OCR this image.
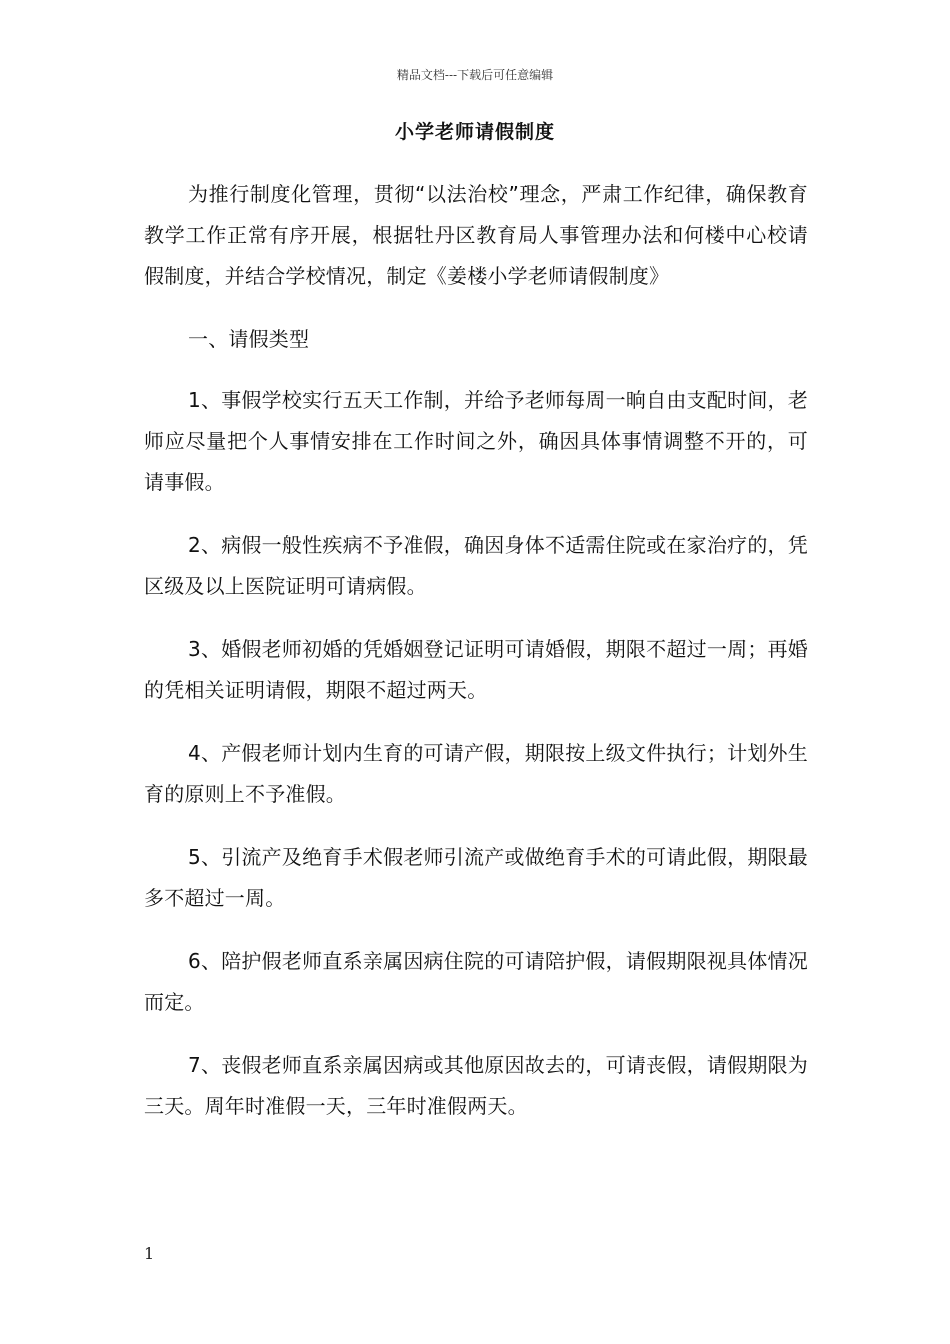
精品文档---下载后可任意编辑
小学老师请假制度

为推行制度化管理，贯彻“以法治校”理念，严肃工作纪律，确保教育教学工作正常有序开展，根据牡丹区教育局人事管理办法和何楼中心校请假制度，并结合学校情况，制定《姜楼小学老师请假制度》

一、请假类型

1、事假学校实行五天工作制，并给予老师每周一晌自由支配时间，老师应尽量把个人事情安排在工作时间之外，确因具体事情调整不开的，可请事假。

2、病假一般性疾病不予准假，确因身体不适需住院或在家治疗的，凭区级及以上医院证明可请病假。

3、婚假老师初婚的凭婚姻登记证明可请婚假，期限不超过一周；再婚的凭相关证明请假，期限不超过两天。

4、产假老师计划内生育的可请产假，期限按上级文件执行；计划外生育的原则上不予准假。

5、引流产及绝育手术假老师引流产或做绝育手术的可请此假，期限最多不超过一周。

6、陪护假老师直系亲属因病住院的可请陪护假，请假期限视具体情况而定。

7、丧假老师直系亲属因病或其他原因故去的，可请丧假，请假期限为三天。周年时准假一天，三年时准假两天。

1
